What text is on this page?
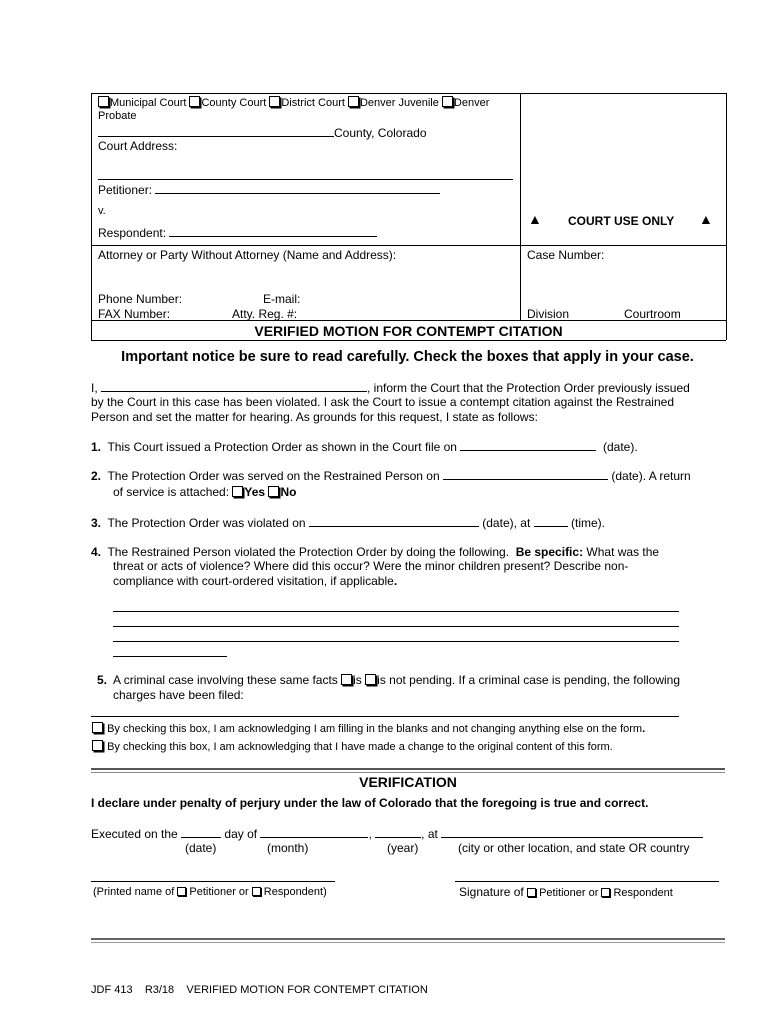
Municipal Court County Court District Court Denver Juvenile Denver
Probate
County, Colorado
Court Address:
Petitioner:
v.
Respondent:
▲ COURT USE ONLY ▲
Attorney or Party Without Attorney (Name and Address):	Case Number:
Phone Number:	E-mail:
FAX Number:	Atty. Reg. #:	Division	Courtroom
VERIFIED MOTION FOR CONTEMPT CITATION
Important notice be sure to read carefully. Check the boxes that apply in your case.
I,	, inform the Court that the Protection Order previously issued
by the Court in this case has been violated. I ask the Court to issue a contempt citation against the Restrained
Person and set the matter for hearing. As grounds for this request, I state as follows:
1. This Court issued a Protection Order as shown in the Court file on	(date).
2. The Protection Order was served on the Restrained Person on	(date). A return
of service is attached: Yes No
3. The Protection Order was violated on	(date), at	(time).
4. The Restrained Person violated the Protection Order by doing the following. Be specific: What was the
threat or acts of violence? Where did this occur? Were the minor children present? Describe non-
compliance with court-ordered visitation, if applicable.
5. A criminal case involving these same facts is is not pending. If a criminal case is pending, the following
charges have been filed:
By checking this box, I am acknowledging I am filling in the blanks and not changing anything else on the form.
By checking this box, I am acknowledging that I have made a change to the original content of this form.
VERIFICATION
I declare under penalty of perjury under the law of Colorado that the foregoing is true and correct.
Executed on the	day of	,	, at
(date)	(month)	(year)	(city or other location, and state OR country
(Printed name of Petitioner or Respondent)	Signature of Petitioner or Respondent
JDF 413 R3/18 VERIFIED MOTION FOR CONTEMPT CITATION
